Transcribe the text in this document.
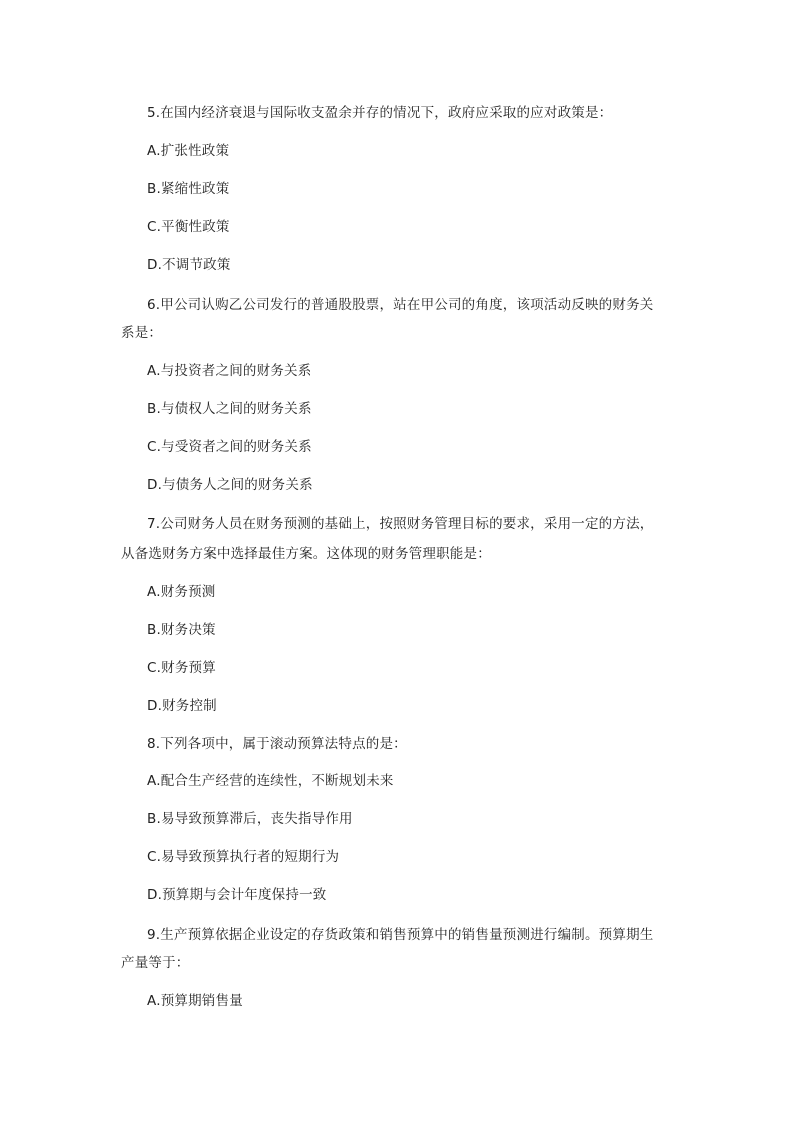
5.在国内经济衰退与国际收支盈余并存的情况下，政府应采取的应对政策是：
A.扩张性政策
B.紧缩性政策
C.平衡性政策
D.不调节政策
6.甲公司认购乙公司发行的普通股股票，站在甲公司的角度，该项活动反映的财务关
系是：
A.与投资者之间的财务关系
B.与债权人之间的财务关系
C.与受资者之间的财务关系
D.与债务人之间的财务关系
7.公司财务人员在财务预测的基础上，按照财务管理目标的要求，采用一定的方法，
从备选财务方案中选择最佳方案。这体现的财务管理职能是：
A.财务预测
B.财务决策
C.财务预算
D.财务控制
8.下列各项中，属于滚动预算法特点的是：
A.配合生产经营的连续性，不断规划未来
B.易导致预算滞后，丧失指导作用
C.易导致预算执行者的短期行为
D.预算期与会计年度保持一致
9.生产预算依据企业设定的存货政策和销售预算中的销售量预测进行编制。预算期生
产量等于：
A.预算期销售量
